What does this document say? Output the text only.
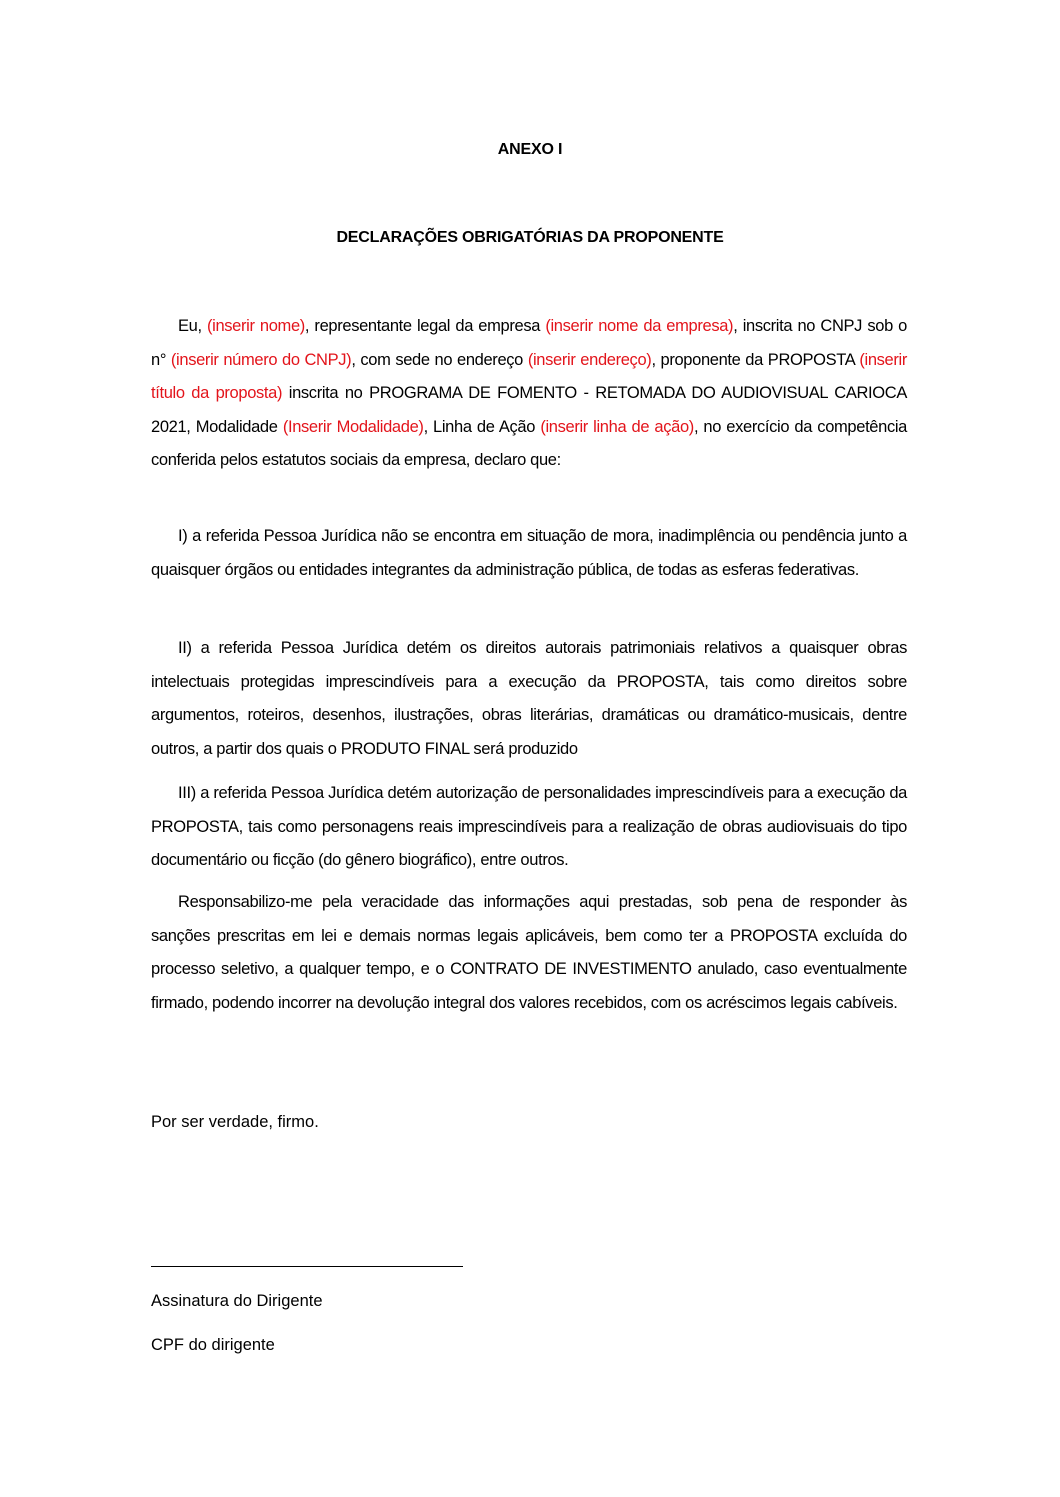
ANEXO I
DECLARAÇÕES OBRIGATÓRIAS DA PROPONENTE
Eu, (inserir nome), representante legal da empresa (inserir nome da empresa), inscrita no CNPJ sob o n° (inserir número do CNPJ), com sede no endereço (inserir endereço), proponente da PROPOSTA (inserir título da proposta) inscrita no PROGRAMA DE FOMENTO - RETOMADA DO AUDIOVISUAL CARIOCA 2021, Modalidade (Inserir Modalidade), Linha de Ação (inserir linha de ação), no exercício da competência conferida pelos estatutos sociais da empresa, declaro que:
I) a referida Pessoa Jurídica não se encontra em situação de mora, inadimplência ou pendência junto a quaisquer órgãos ou entidades integrantes da administração pública, de todas as esferas federativas.
II) a referida Pessoa Jurídica detém os direitos autorais patrimoniais relativos a quaisquer obras intelectuais protegidas imprescindíveis para a execução da PROPOSTA, tais como direitos sobre argumentos, roteiros, desenhos, ilustrações, obras literárias, dramáticas ou dramático-musicais, dentre outros, a partir dos quais o PRODUTO FINAL será produzido
III) a referida Pessoa Jurídica detém autorização de personalidades imprescindíveis para a execução da PROPOSTA, tais como personagens reais imprescindíveis para a realização de obras audiovisuais do tipo documentário ou ficção (do gênero biográfico), entre outros.
Responsabilizo-me pela veracidade das informações aqui prestadas, sob pena de responder às sanções prescritas em lei e demais normas legais aplicáveis, bem como ter a PROPOSTA excluída do processo seletivo, a qualquer tempo, e o CONTRATO DE INVESTIMENTO anulado, caso eventualmente firmado, podendo incorrer na devolução integral dos valores recebidos, com os acréscimos legais cabíveis.
Por ser verdade, firmo.
Assinatura do Dirigente
CPF do dirigente
